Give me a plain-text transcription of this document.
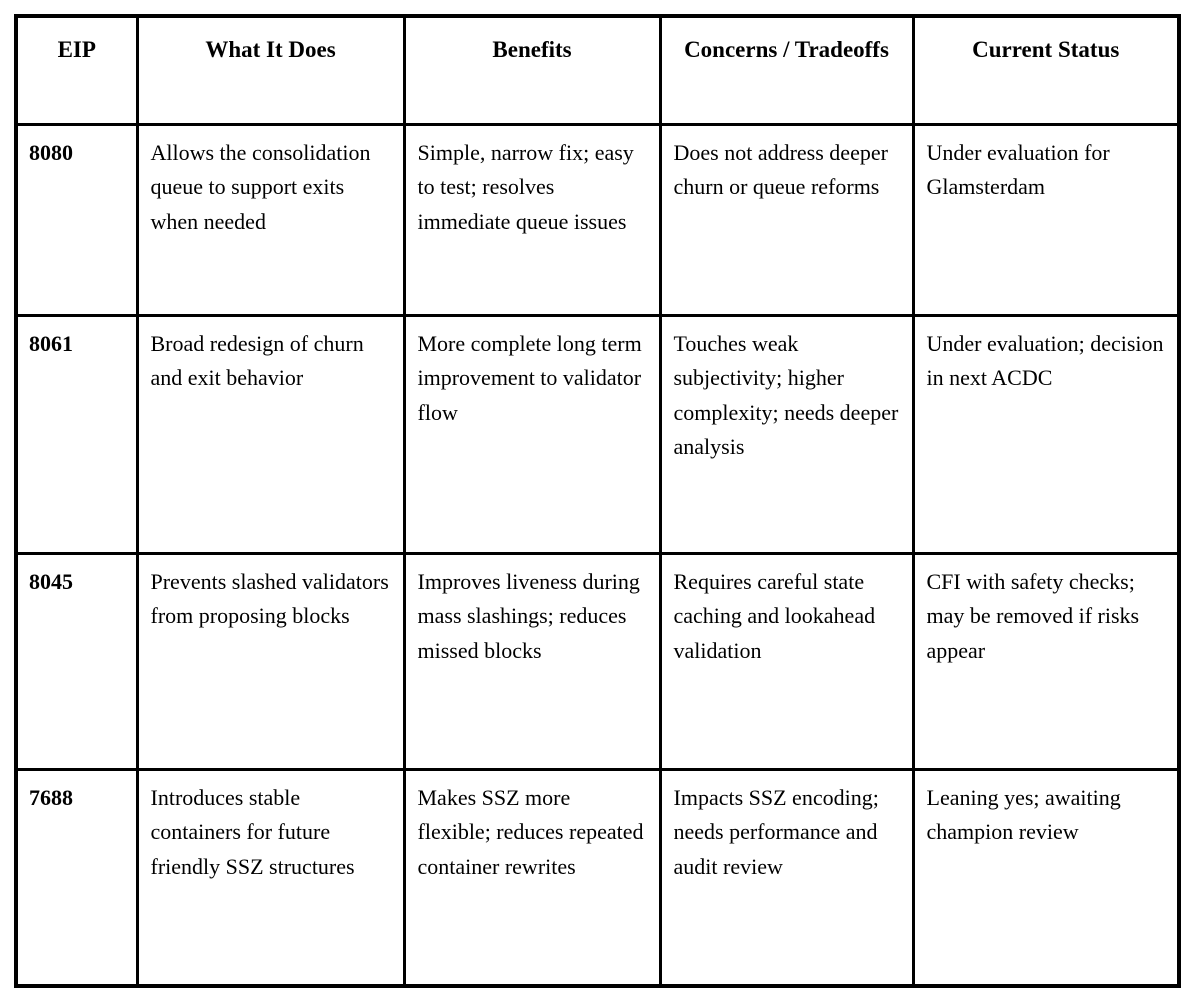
EIP	What It Does	Benefits	Concerns / Tradeoffs	Current Status
8080	Allows the consolidation queue to support exits when needed	Simple, narrow fix; easy to test; resolves immediate queue issues	Does not address deeper churn or queue reforms	Under evaluation for Glamsterdam
8061	Broad redesign of churn and exit behavior	More complete long term improvement to validator flow	Touches weak subjectivity; higher complexity; needs deeper analysis	Under evaluation; decision in next ACDC
8045	Prevents slashed validators from proposing blocks	Improves liveness during mass slashings; reduces missed blocks	Requires careful state caching and lookahead validation	CFI with safety checks; may be removed if risks appear
7688	Introduces stable containers for future friendly SSZ structures	Makes SSZ more flexible; reduces repeated container rewrites	Impacts SSZ encoding; needs performance and audit review	Leaning yes; awaiting champion review
